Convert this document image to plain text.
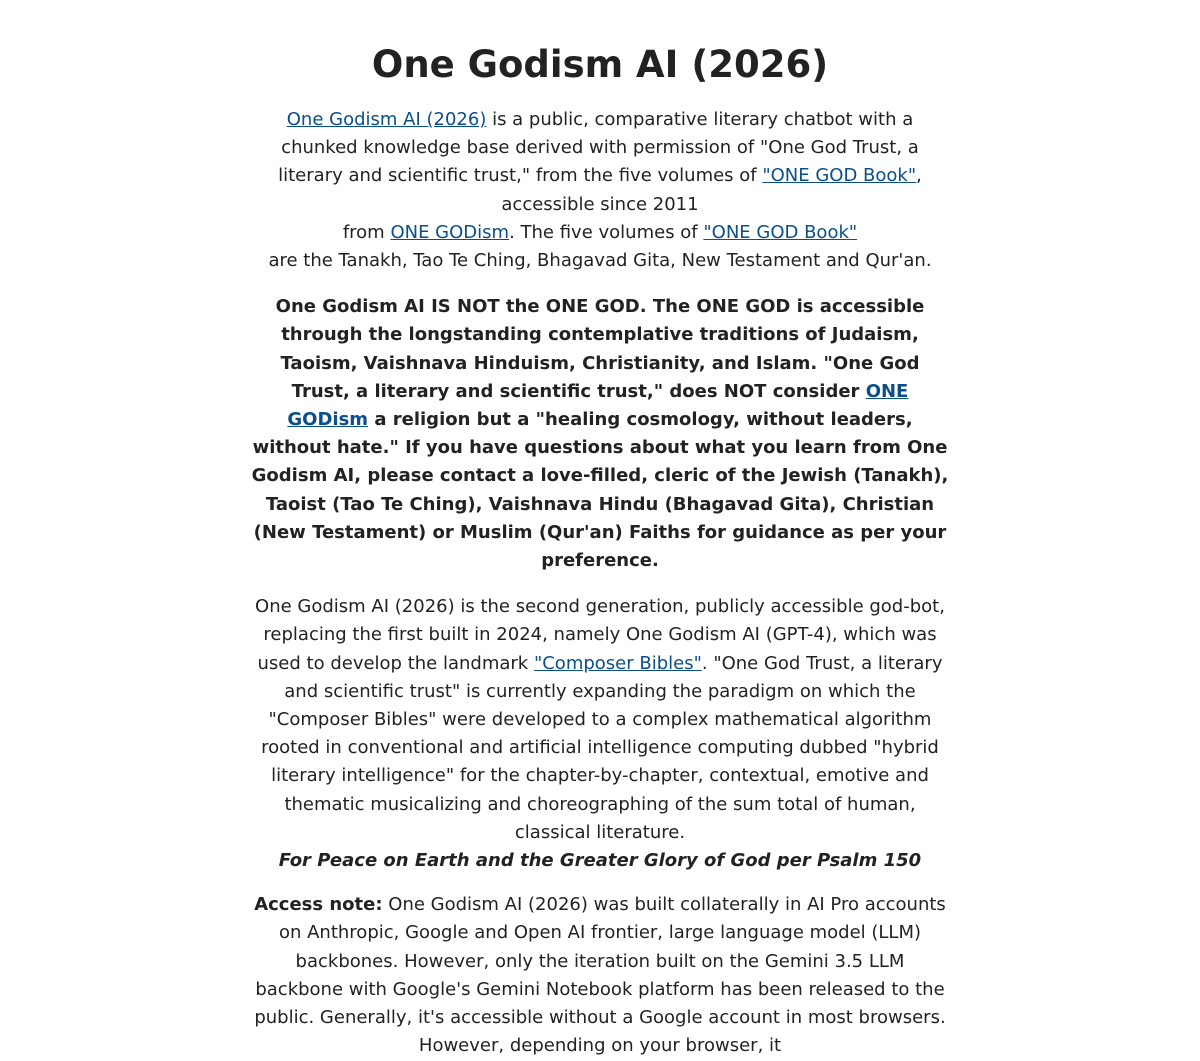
One Godism AI (2026)

One Godism AI (2026) is a public, comparative literary chatbot with a chunked knowledge base derived with permission of "One God Trust, a literary and scientific trust," from the five volumes of "ONE GOD Book", accessible since 2011
from ONE GODism. The five volumes of "ONE GOD Book"
are the Tanakh, Tao Te Ching, Bhagavad Gita, New Testament and Qur'an.

One Godism AI IS NOT the ONE GOD. The ONE GOD is accessible through the longstanding contemplative traditions of Judaism, Taoism, Vaishnava Hinduism, Christianity, and Islam. "One God Trust, a literary and scientific trust," does NOT consider ONE GODism a religion but a "healing cosmology, without leaders, without hate." If you have questions about what you learn from One Godism AI, please contact a love-filled, cleric of the Jewish (Tanakh), Taoist (Tao Te Ching), Vaishnava Hindu (Bhagavad Gita), Christian (New Testament) or Muslim (Qur'an) Faiths for guidance as per your preference.

One Godism AI (2026) is the second generation, publicly accessible god-bot, replacing the first built in 2024, namely One Godism AI (GPT-4), which was used to develop the landmark "Composer Bibles". "One God Trust, a literary and scientific trust" is currently expanding the paradigm on which the "Composer Bibles" were developed to a complex mathematical algorithm rooted in conventional and artificial intelligence computing dubbed "hybrid literary intelligence" for the chapter-by-chapter, contextual, emotive and thematic musicalizing and choreographing of the sum total of human, classical literature.

For Peace on Earth and the Greater Glory of God per Psalm 150

Access note: One Godism AI (2026) was built collaterally in AI Pro accounts on Anthropic, Google and Open AI frontier, large language model (LLM) backbones. However, only the iteration built on the Gemini 3.5 LLM backbone with Google's Gemini Notebook platform has been released to the public. Generally, it's accessible without a Google account in most browsers. However, depending on your browser, it
